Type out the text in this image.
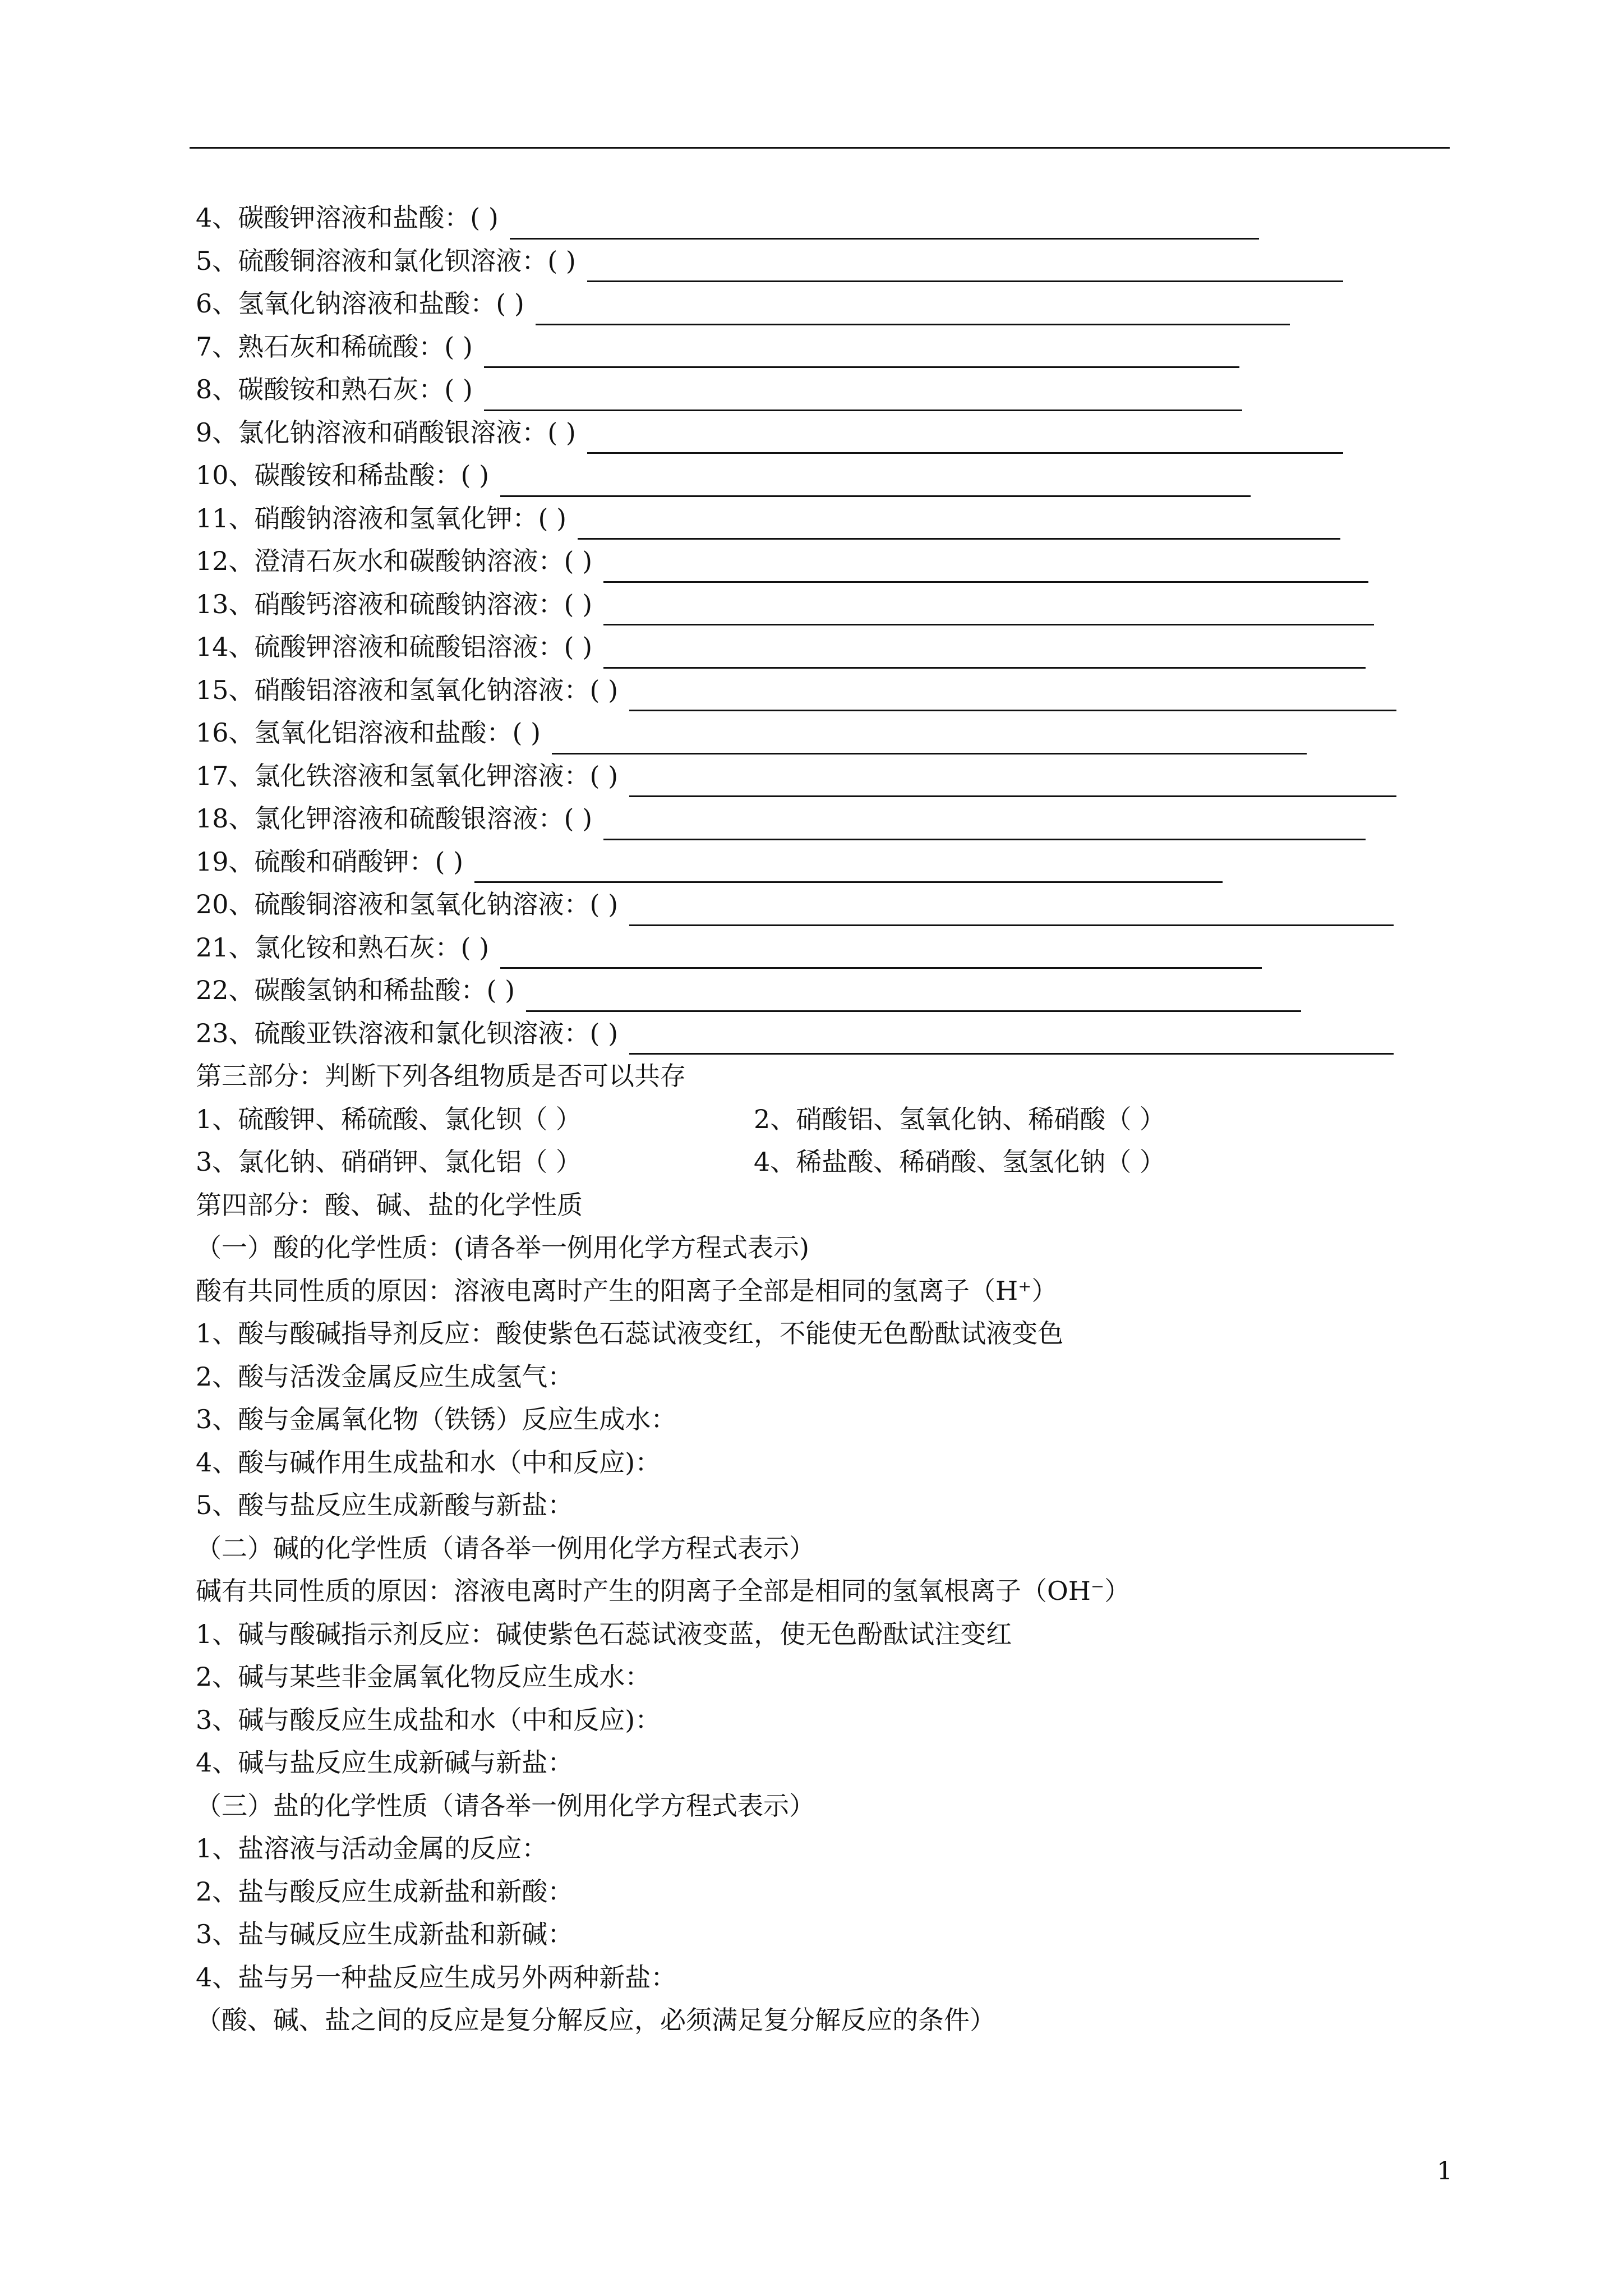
4、碳酸钾溶液和盐酸：( )
5、硫酸铜溶液和氯化钡溶液：( )
6、氢氧化钠溶液和盐酸：( )
7、熟石灰和稀硫酸：( )
8、碳酸铵和熟石灰：( )
9、氯化钠溶液和硝酸银溶液：( )
10、碳酸铵和稀盐酸：( )
11、硝酸钠溶液和氢氧化钾：( )
12、澄清石灰水和碳酸钠溶液：( )
13、硝酸钙溶液和硫酸钠溶液：( )
14、硫酸钾溶液和硫酸铝溶液：( )
15、硝酸铝溶液和氢氧化钠溶液：( )
16、氢氧化铝溶液和盐酸：( )
17、氯化铁溶液和氢氧化钾溶液：( )
18、氯化钾溶液和硫酸银溶液：( )
19、硫酸和硝酸钾：( )
20、硫酸铜溶液和氢氧化钠溶液：( )
21、氯化铵和熟石灰：( )
22、碳酸氢钠和稀盐酸：( )
23、硫酸亚铁溶液和氯化钡溶液：( )
第三部分：判断下列各组物质是否可以共存
1、硫酸钾、稀硫酸、氯化钡（ ）	2、硝酸铝、氢氧化钠、稀硝酸（ ）
3、氯化钠、硝硝钾、氯化铝（ ）	4、稀盐酸、稀硝酸、氢氢化钠（ ）
第四部分：酸、碱、盐的化学性质
（一）酸的化学性质：(请各举一例用化学方程式表示)
酸有共同性质的原因：溶液电离时产生的阳离子全部是相同的氢离子（H⁺）
1、酸与酸碱指导剂反应：酸使紫色石蕊试液变红，不能使无色酚酞试液变色
2、酸与活泼金属反应生成氢气：
3、酸与金属氧化物（铁锈）反应生成水：
4、酸与碱作用生成盐和水（中和反应)：
5、酸与盐反应生成新酸与新盐：
（二）碱的化学性质（请各举一例用化学方程式表示）
碱有共同性质的原因：溶液电离时产生的阴离子全部是相同的氢氧根离子（OH⁻）
1、碱与酸碱指示剂反应：碱使紫色石蕊试液变蓝，使无色酚酞试注变红
2、碱与某些非金属氧化物反应生成水：
3、碱与酸反应生成盐和水（中和反应)：
4、碱与盐反应生成新碱与新盐：
（三）盐的化学性质（请各举一例用化学方程式表示）
1、盐溶液与活动金属的反应：
2、盐与酸反应生成新盐和新酸：
3、盐与碱反应生成新盐和新碱：
4、盐与另一种盐反应生成另外两种新盐：
（酸、碱、盐之间的反应是复分解反应，必须满足复分解反应的条件）
1
